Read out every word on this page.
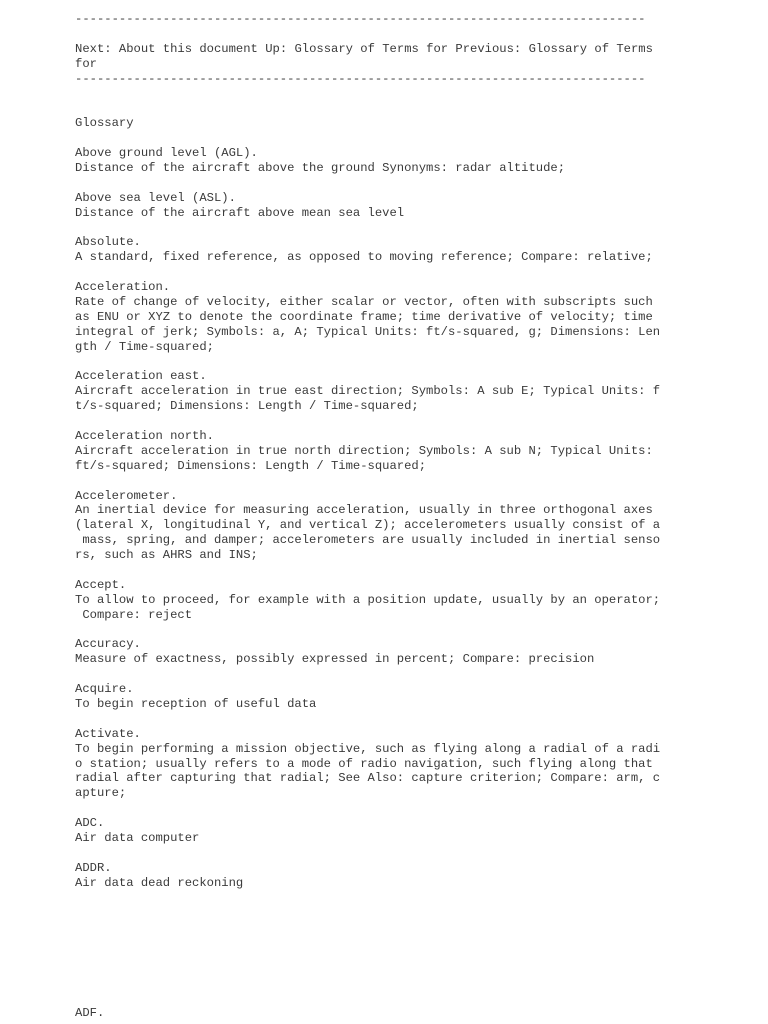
------------------------------------------------------------------------------
Next: About this document Up: Glossary of Terms for Previous: Glossary of Terms
for
------------------------------------------------------------------------------
Glossary
Above ground level (AGL).
Distance of the aircraft above the ground Synonyms: radar altitude;
Above sea level (ASL).
Distance of the aircraft above mean sea level
Absolute.
A standard, fixed reference, as opposed to moving reference; Compare: relative;
Acceleration.
Rate of change of velocity, either scalar or vector, often with subscripts such
as ENU or XYZ to denote the coordinate frame; time derivative of velocity; time
integral of jerk; Symbols: a, A; Typical Units: ft/s-squared, g; Dimensions: Len
gth / Time-squared;
Acceleration east.
Aircraft acceleration in true east direction; Symbols: A sub E; Typical Units: f
t/s-squared; Dimensions: Length / Time-squared;
Acceleration north.
Aircraft acceleration in true north direction; Symbols: A sub N; Typical Units:
ft/s-squared; Dimensions: Length / Time-squared;
Accelerometer.
An inertial device for measuring acceleration, usually in three orthogonal axes
(lateral X, longitudinal Y, and vertical Z); accelerometers usually consist of a
mass, spring, and damper; accelerometers are usually included in inertial senso
rs, such as AHRS and INS;
Accept.
To allow to proceed, for example with a position update, usually by an operator;
Compare: reject
Accuracy.
Measure of exactness, possibly expressed in percent; Compare: precision
Acquire.
To begin reception of useful data
Activate.
To begin performing a mission objective, such as flying along a radial of a radi
o station; usually refers to a mode of radio navigation, such flying along that
radial after capturing that radial; See Also: capture criterion; Compare: arm, c
apture;
ADC.
Air data computer
ADDR.
Air data dead reckoning
ADF.
